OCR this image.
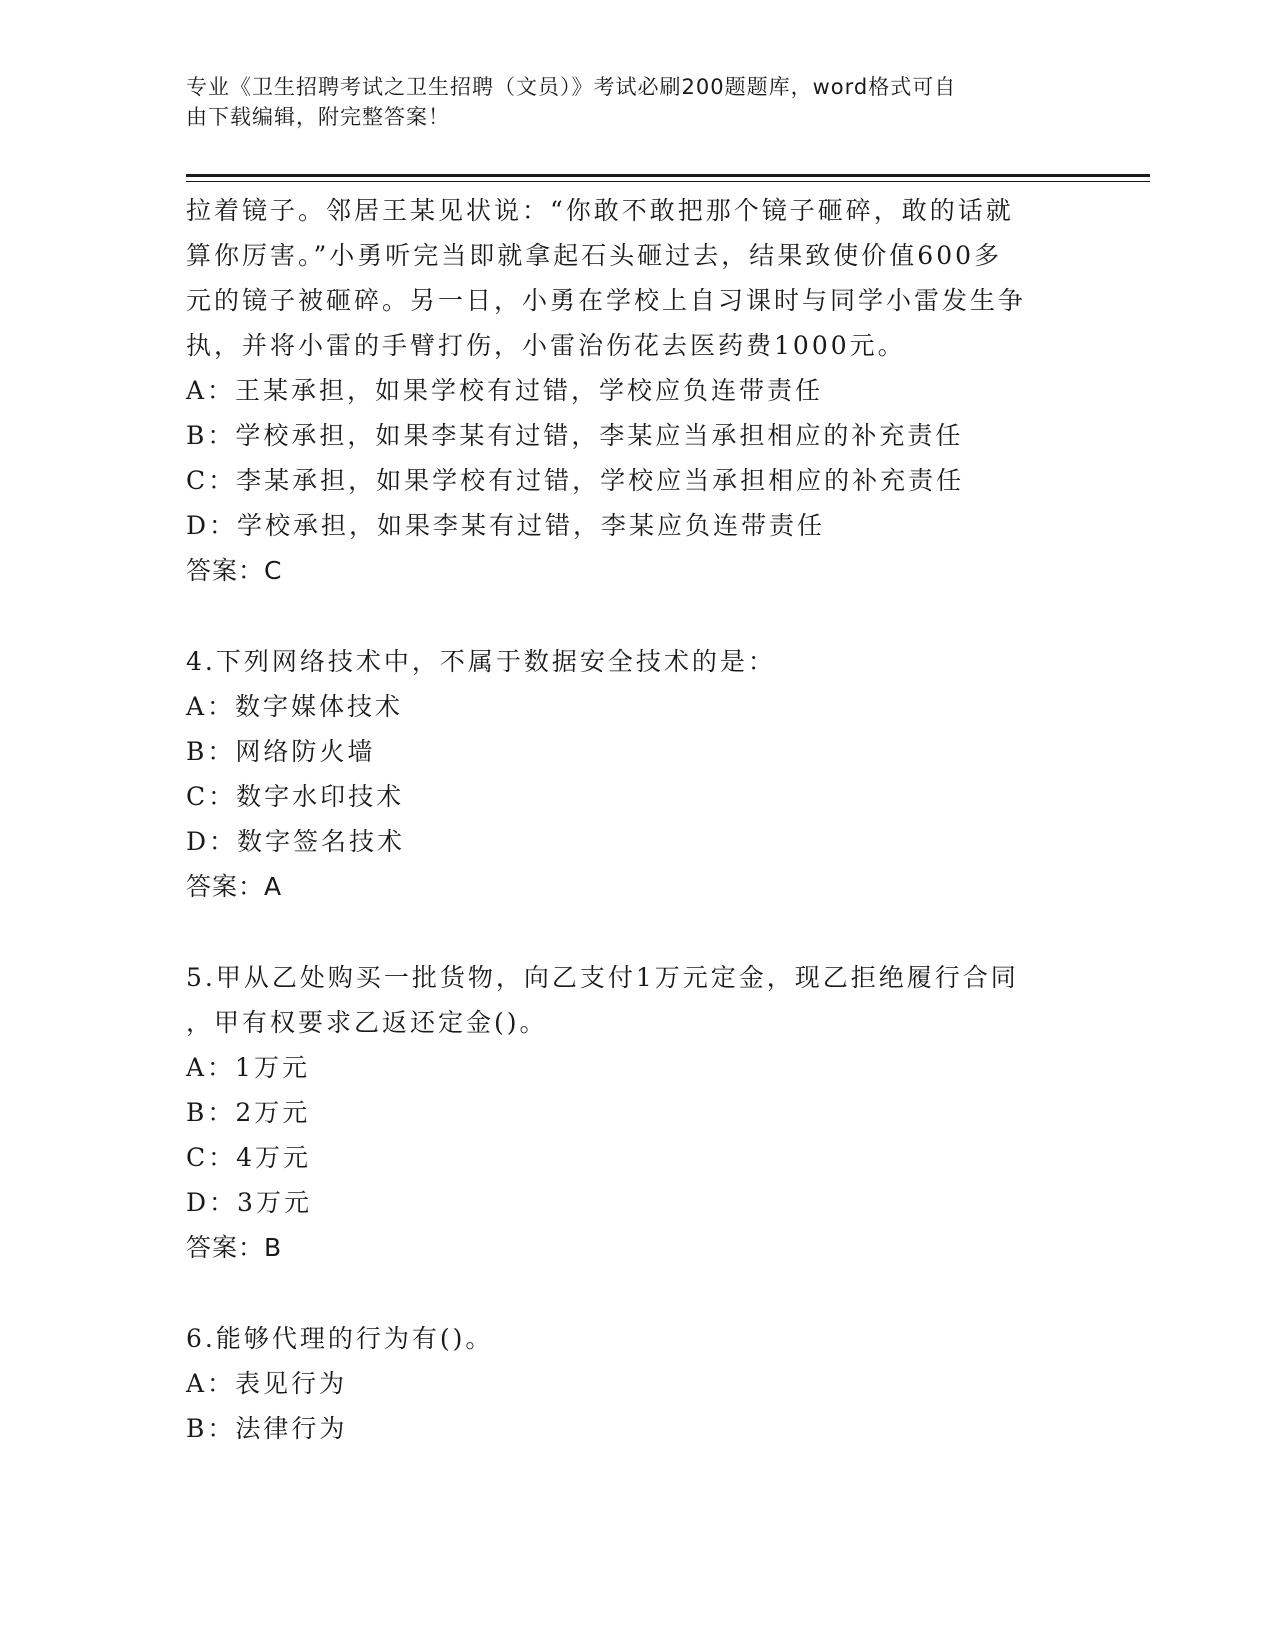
专业《卫生招聘考试之卫生招聘（文员）》考试必刷200题题库，word格式可自
由下载编辑，附完整答案！
拉着镜子。邻居王某见状说：“你敢不敢把那个镜子砸碎，敢的话就
算你厉害。”小勇听完当即就拿起石头砸过去，结果致使价值600多
元的镜子被砸碎。另一日，小勇在学校上自习课时与同学小雷发生争
执，并将小雷的手臂打伤，小雷治伤花去医药费1000元。
A：王某承担，如果学校有过错，学校应负连带责任
B：学校承担，如果李某有过错，李某应当承担相应的补充责任
C：李某承担，如果学校有过错，学校应当承担相应的补充责任
D：学校承担，如果李某有过错，李某应负连带责任
答案：C
4.下列网络技术中，不属于数据安全技术的是：
A：数字媒体技术
B：网络防火墙
C：数字水印技术
D：数字签名技术
答案：A
5.甲从乙处购买一批货物，向乙支付1万元定金，现乙拒绝履行合同
，甲有权要求乙返还定金()。
A：1万元
B：2万元
C：4万元
D：3万元
答案：B
6.能够代理的行为有()。
A：表见行为
B：法律行为
